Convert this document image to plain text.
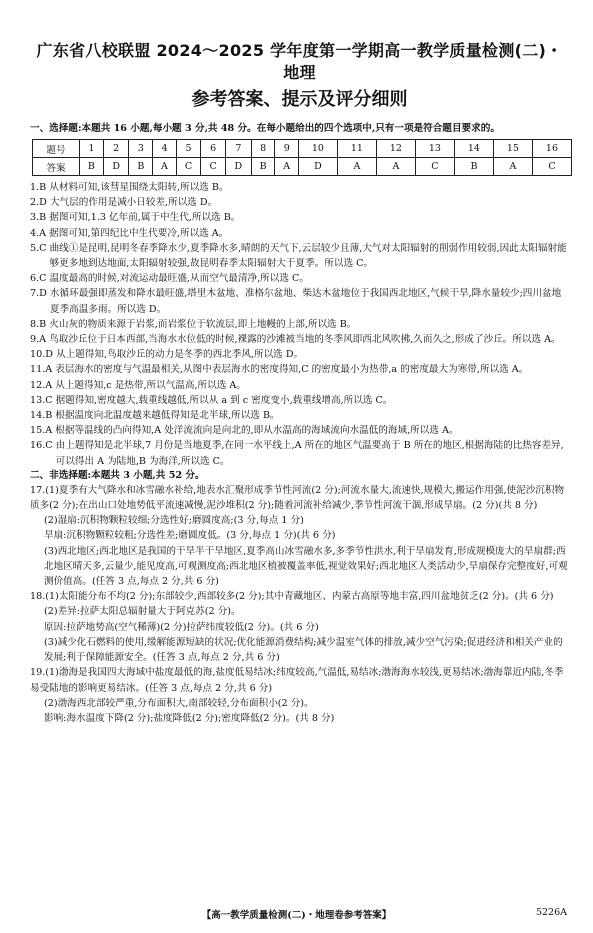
广东省八校联盟 2024～2025 学年度第一学期高一教学质量检测(二)・地理
参考答案、提示及评分细则
一、选择题:本题共 16 小题,每小题 3 分,共 48 分。在每小题给出的四个选项中,只有一项是符合题目要求的。
题号	1	2	3	4	5	6	7	8	9	10	11	12	13	14	15	16
答案	B	D	B	A	C	C	D	B	A	D	A	A	C	B	A	C
1.B
从材料可知,该彗星围绕太阳转,所以选 B。
2.D
大气层的作用是减小日较差,所以选 D。
3.B
据图可知,1.3 亿年前,属于中生代,所以选 B。
4.A
据图可知,第四纪比中生代要冷,所以选 A。
5.C
曲线①是昆明,昆明冬春季降水少,夏季降水多,晴朗的天气下,云层较少且薄,大气对太阳辐射的削弱作用较弱,因此太阳辐射能够更多地到达地面,太阳辐射较强,故昆明春季太阳辐射大于夏季。所以选 C。
6.C
温度最高的时候,对流运动最旺盛,从而空气最清净,所以选 C。
7.D
水循环最强即蒸发和降水最旺盛,塔里木盆地、准格尔盆地、柴达木盆地位于我国西北地区,气候干旱,降水量较少;四川盆地夏季高温多雨。所以选 D。
8.B
火山灰的物质来源于岩浆,而岩浆位于软流层,即上地幔的上部,所以选 B。
9.A
鸟取沙丘位于日本西部,当海水水位低的时候,裸露的沙滩被当地的冬季风即西北风吹拂,久而久之,形成了沙丘。所以选 A。
10.D
从上题得知,鸟取沙丘的动力是冬季的西北季风,所以选 D。
11.A
表层海水的密度与气温最相关,从图中表层海水的密度得知,C 的密度最小为热带,a 的密度最大为寒带,所以选 A。
12.A
从上题得知,c 是热带,所以气温高,所以选 A。
13.C
据题得知,密度越大,载重线越低,所以从 a 到 c 密度变小,载重线增高,所以选 C。
14.B
根据温度向北温度越来越低得知是北半球,所以选 B。
15.A
根据等温线的凸向得知,A 处洋流流向是向北的,即从水温高的海域流向水温低的海域,所以选 A。
16.C
由上题得知是北半球,7 月份是当地夏季,在同一水平线上,A 所在的地区气温要高于 B 所在的地区,根据海陆的比热容差异,可以得出 A 为陆地,B 为海洋,所以选 C。
二、非选择题:本题共 3 小题,共 52 分。
17.(1)夏季有大气降水和冰雪融水补给,地表水汇聚形成季节性河流(2 分);河流水量大,流速快,规模大,搬运作用强,使泥沙沉积物质多(2 分);在出山口处地势低平流速减慢,泥沙堆积(2 分);随着河流补给减少,季节性河流干涸,形成旱扇。(2 分)(共 8 分)
(2)湿扇:沉积物颗粒较细;分选性好;磨圆度高;(3 分,每点 1 分)
旱扇:沉积物颗粒较粗;分选性差;磨圆度低。(3 分,每点 1 分)(共 6 分)
(3)西北地区;西北地区是我国的干旱半干旱地区,夏季高山冰雪融水多,多季节性洪水,利于旱扇发育,形成规模庞大的旱扇群;西北地区晴天多,云量少,能见度高,可观测度高;西北地区植被覆盖率低,视觉效果好;西北地区人类活动少,旱扇保存完整度好,可观测价值高。(任答 3 点,每点 2 分,共 6 分)
18.(1)太阳能分布不均(2 分);东部较少,西部较多(2 分);其中青藏地区、内蒙古高原等地丰富,四川盆地贫乏(2 分)。(共 6 分)
(2)差异:拉萨太阳总辐射量大于阿克苏(2 分)。
原因:拉萨地势高(空气稀薄)(2 分)拉萨纬度较低(2 分)。(共 6 分)
(3)减少化石燃料的使用,缓解能源短缺的状况;优化能源消费结构;减少温室气体的排放,减少空气污染;促进经济和相关产业的发展;利于保障能源安全。(任答 3 点,每点 2 分,共 6 分)
19.(1)渤海是我国四大海域中盐度最低的海,盐度低易结冰;纬度较高,气温低,易结冰;渤海海水较浅,更易结冰;渤海靠近内陆,冬季易受陆地的影响更易结冰。(任答 3 点,每点 2 分,共 6 分)
(2)渤海西北部较严重,分布面积大,南部较轻,分布面积小(2 分)。
影响:海水温度下降(2 分);盐度降低(2 分);密度降低(2 分)。(共 8 分)
【高一教学质量检测(二)・地理卷参考答案】	5226A
